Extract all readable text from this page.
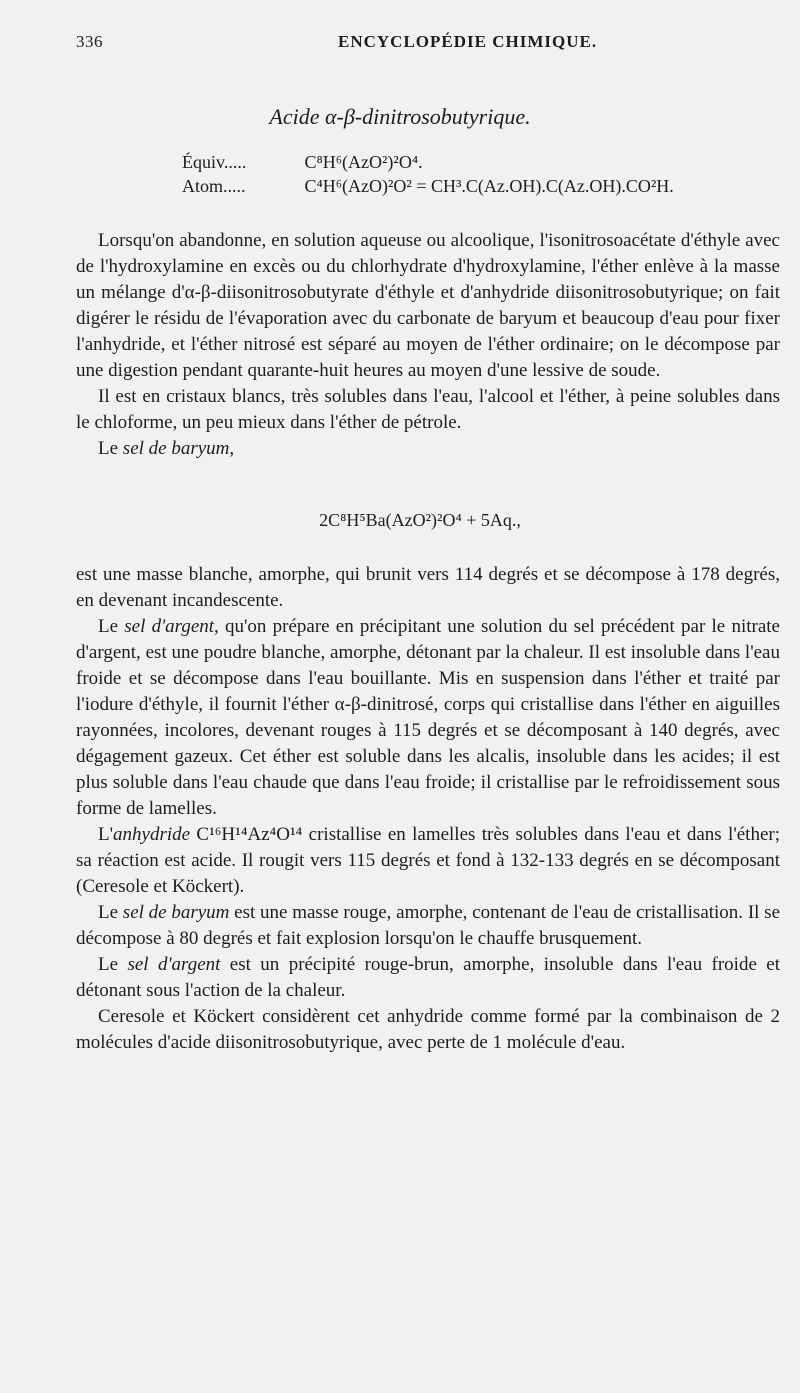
336	ENCYCLOPÉDIE CHIMIQUE.
Acide α-β-dinitrosobutyrique.
Équiv.....	C⁸H⁶(AzO²)²O⁴.
Atom.....	C⁴H⁶(AzO)²O² = CH³.C(Az.OH).C(Az.OH).CO²H.

Lorsqu'on abandonne, en solution aqueuse ou alcoolique, l'isonitrosoacétate d'éthyle avec de l'hydroxylamine en excès ou du chlorhydrate d'hydroxylamine, l'éther enlève à la masse un mélange d'α-β-diisonitrosobutyrate d'éthyle et d'anhydride diisonitrosobutyrique; on fait digérer le résidu de l'évaporation avec du carbonate de baryum et beaucoup d'eau pour fixer l'anhydride, et l'éther nitrosé est séparé au moyen de l'éther ordinaire; on le décompose par une digestion pendant quarante-huit heures au moyen d'une lessive de soude.

Il est en cristaux blancs, très solubles dans l'eau, l'alcool et l'éther, à peine solubles dans le chloforme, un peu mieux dans l'éther de pétrole.

Le sel de baryum,

2C⁸H⁵Ba(AzO²)²O⁴ + 5Aq.,

est une masse blanche, amorphe, qui brunit vers 114 degrés et se décompose à 178 degrés, en devenant incandescente.

Le sel d'argent, qu'on prépare en précipitant une solution du sel précédent par le nitrate d'argent, est une poudre blanche, amorphe, détonant par la chaleur. Il est insoluble dans l'eau froide et se décompose dans l'eau bouillante. Mis en suspension dans l'éther et traité par l'iodure d'éthyle, il fournit l'éther α-β-dinitrosé, corps qui cristallise dans l'éther en aiguilles rayonnées, incolores, devenant rouges à 115 degrés et se décomposant à 140 degrés, avec dégagement gazeux. Cet éther est soluble dans les alcalis, insoluble dans les acides; il est plus soluble dans l'eau chaude que dans l'eau froide; il cristallise par le refroidissement sous forme de lamelles.

L'anhydride C¹⁶H¹⁴Az⁴O¹⁴ cristallise en lamelles très solubles dans l'eau et dans l'éther; sa réaction est acide. Il rougit vers 115 degrés et fond à 132-133 degrés en se décomposant (Ceresole et Köckert).

Le sel de baryum est une masse rouge, amorphe, contenant de l'eau de cristallisation. Il se décompose à 80 degrés et fait explosion lorsqu'on le chauffe brusquement.

Le sel d'argent est un précipité rouge-brun, amorphe, insoluble dans l'eau froide et détonant sous l'action de la chaleur.

Ceresole et Köckert considèrent cet anhydride comme formé par la combinaison de 2 molécules d'acide diisonitrosobutyrique, avec perte de 1 molécule d'eau.
